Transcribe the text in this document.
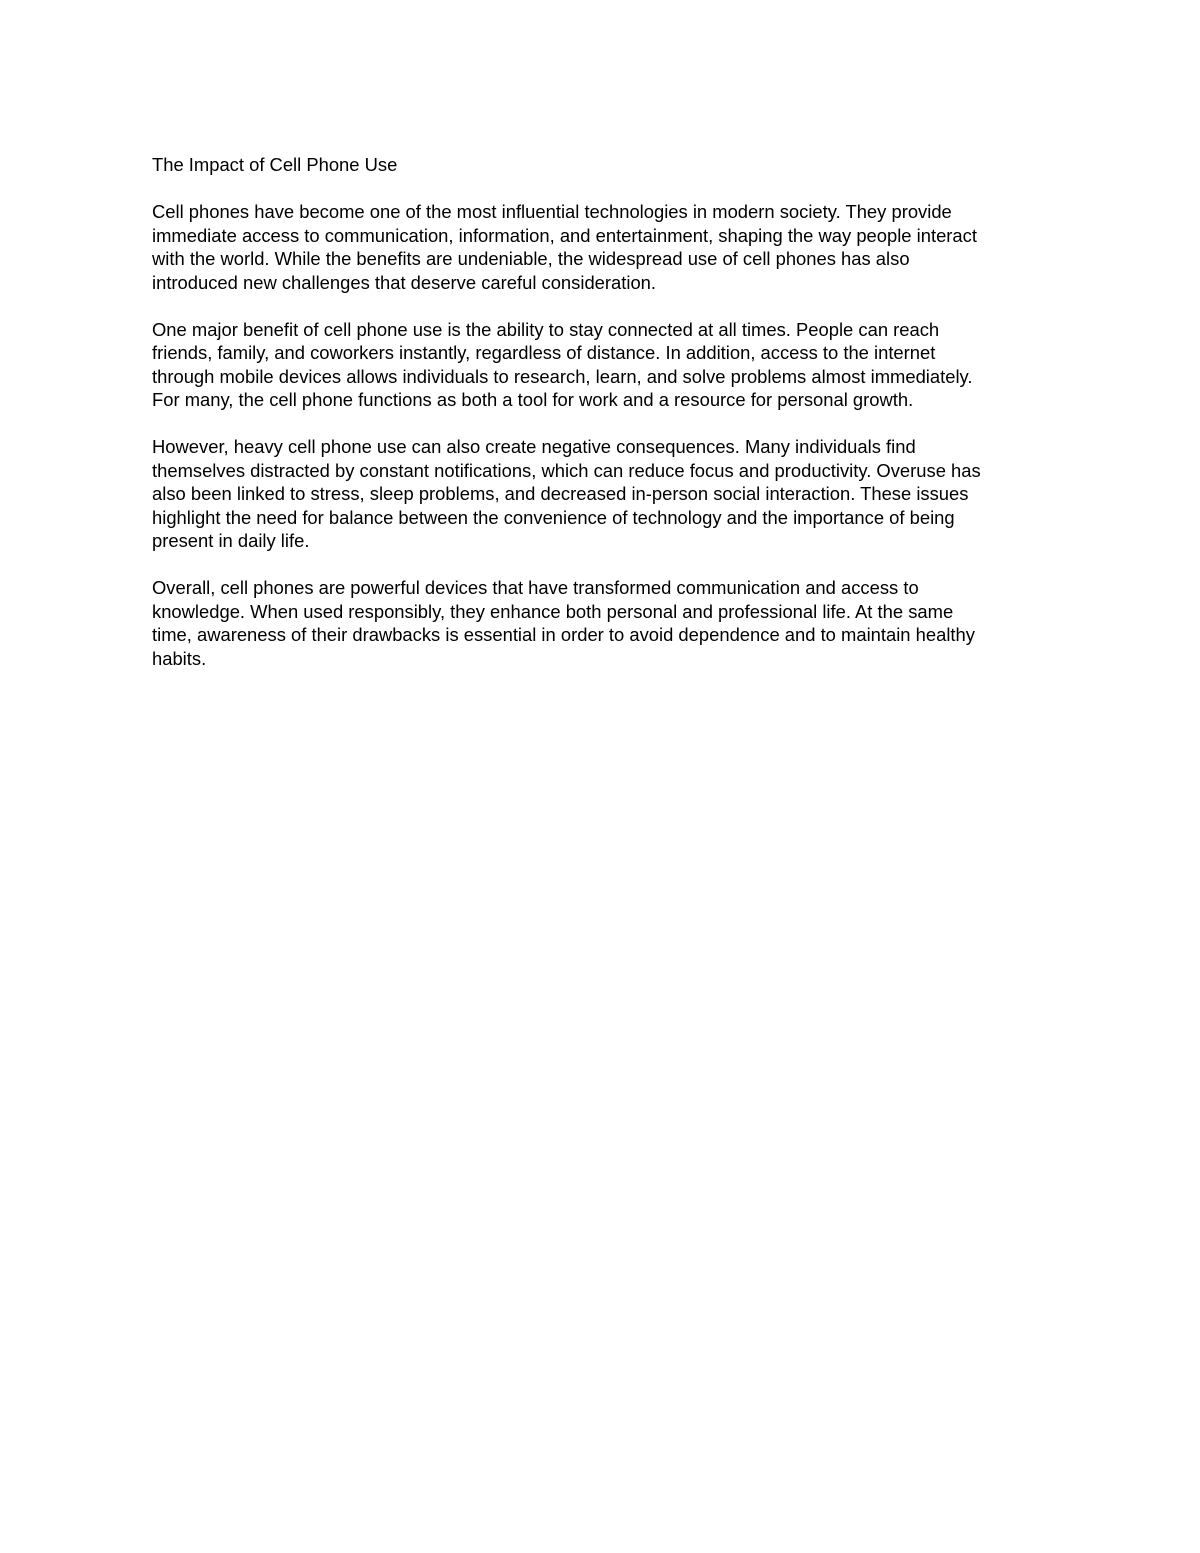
The Impact of Cell Phone Use
Cell phones have become one of the most influential technologies in modern society. They provide
immediate access to communication, information, and entertainment, shaping the way people interact
with the world. While the benefits are undeniable, the widespread use of cell phones has also
introduced new challenges that deserve careful consideration.
One major benefit of cell phone use is the ability to stay connected at all times. People can reach
friends, family, and coworkers instantly, regardless of distance. In addition, access to the internet
through mobile devices allows individuals to research, learn, and solve problems almost immediately.
For many, the cell phone functions as both a tool for work and a resource for personal growth.
However, heavy cell phone use can also create negative consequences. Many individuals find
themselves distracted by constant notifications, which can reduce focus and productivity. Overuse has
also been linked to stress, sleep problems, and decreased in-person social interaction. These issues
highlight the need for balance between the convenience of technology and the importance of being
present in daily life.
Overall, cell phones are powerful devices that have transformed communication and access to
knowledge. When used responsibly, they enhance both personal and professional life. At the same
time, awareness of their drawbacks is essential in order to avoid dependence and to maintain healthy
habits.
